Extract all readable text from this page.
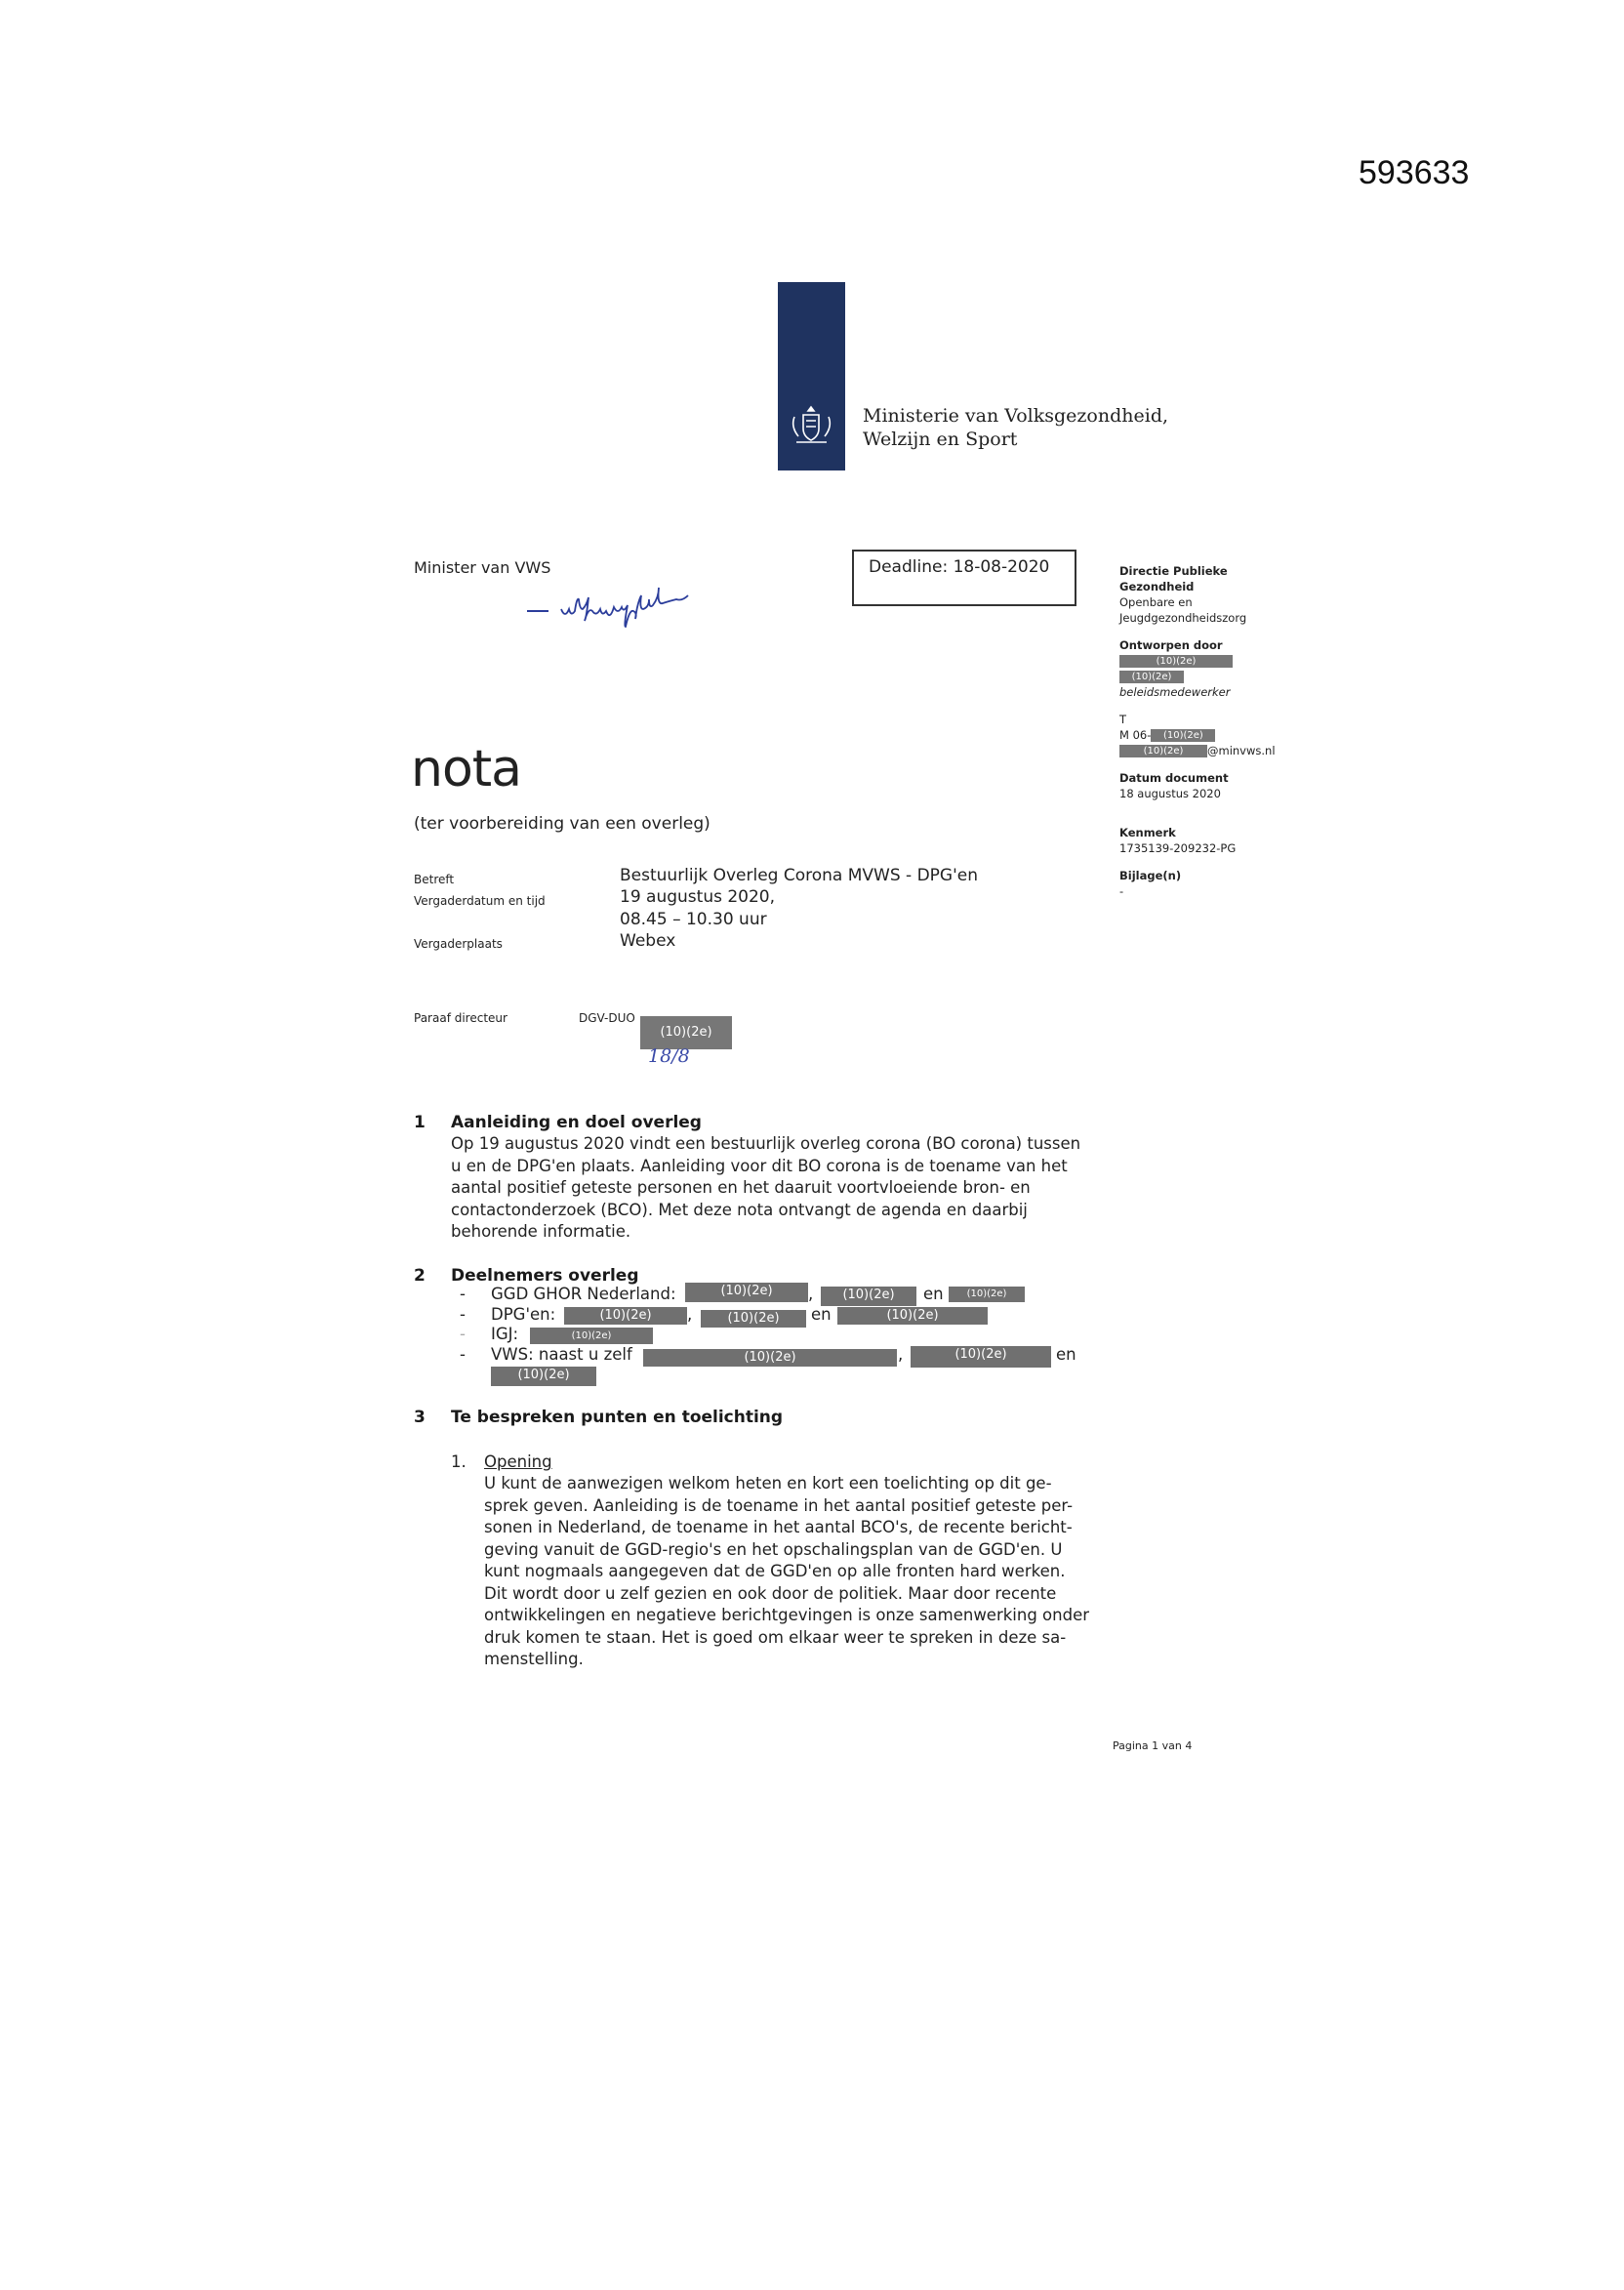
593633
Ministerie van Volksgezondheid,
Welzijn en Sport
Minister van VWS	Deadline: 18-08-2020	Directie Publieke
Gezondheid
Openbare en
Jeugdgezondheidszorg
Ontworpen door
(10)(2e)
(10)(2e)
beleidsmedewerker
T
M 06- (10)(2e)
(10)(2e) @minvws.nl
Datum document
18 augustus 2020
Kenmerk
1735139-209232-PG
Bijlage(n)
-
nota
(ter voorbereiding van een overleg)
Betreft	Bestuurlijk Overleg Corona MVWS - DPG'en
Vergaderdatum en tijd	19 augustus 2020,
08.45 – 10.30 uur
Vergaderplaats	Webex
Paraaf directeur	DGV-DUO
(10)(2e)
18/8
1 Aanleiding en doel overleg
Op 19 augustus 2020 vindt een bestuurlijk overleg corona (BO corona) tussen
u en de DPG'en plaats. Aanleiding voor dit BO corona is de toename van het
aantal positief geteste personen en het daaruit voortvloeiende bron- en
contactonderzoek (BCO). Met deze nota ontvangt de agenda en daarbij
behorende informatie.
2 Deelnemers overleg
- GGD GHOR Nederland:	(10)(2e)	,	(10)(2e)	en	(10)(2e)
- DPG'en:	(10)(2e)	,	(10)(2e)	en	(10)(2e)
- IGJ:	(10)(2e)
- VWS: naast u zelf	(10)(2e)	,	(10)(2e)	en
(10)(2e)
3 Te bespreken punten en toelichting
1. Opening
U kunt de aanwezigen welkom heten en kort een toelichting op dit ge-
sprek geven. Aanleiding is de toename in het aantal positief geteste per-
sonen in Nederland, de toename in het aantal BCO's, de recente bericht-
geving vanuit de GGD-regio's en het opschalingsplan van de GGD'en. U
kunt nogmaals aangegeven dat de GGD'en op alle fronten hard werken.
Dit wordt door u zelf gezien en ook door de politiek. Maar door recente
ontwikkelingen en negatieve berichtgevingen is onze samenwerking onder
druk komen te staan. Het is goed om elkaar weer te spreken in deze sa-
menstelling.
Pagina 1 van 4
